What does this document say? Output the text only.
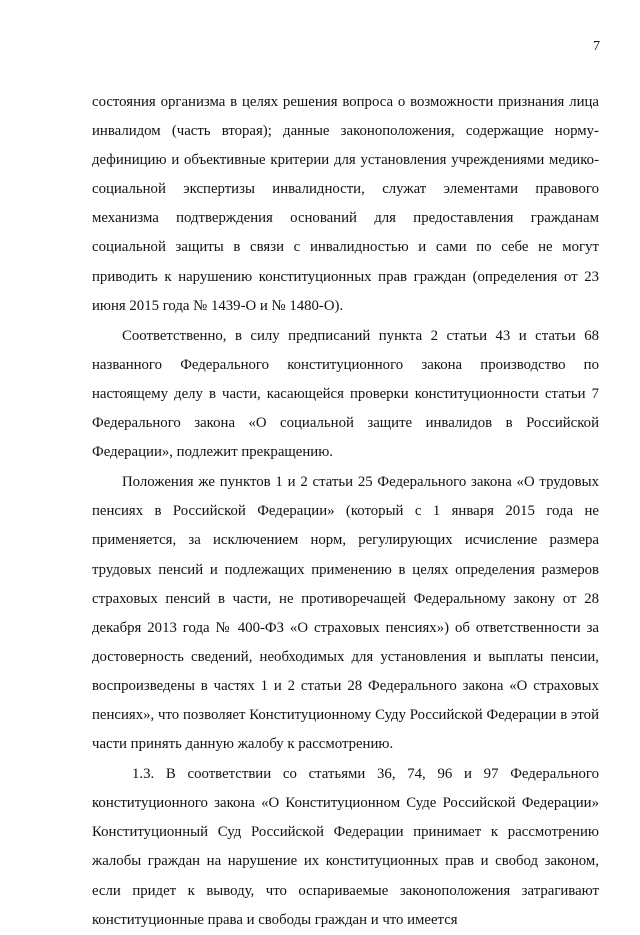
7

состояния организма в целях решения вопроса о возможности признания лица инвалидом (часть вторая); данные законоположения, содержащие норму-дефиницию и объективные критерии для установления учреждениями медико-социальной экспертизы инвалидности, служат элементами правового механизма подтверждения оснований для предоставления гражданам социальной защиты в связи с инвалидностью и сами по себе не могут приводить к нарушению конституционных прав граждан (определения от 23 июня 2015 года № 1439-О и № 1480-О).

Соответственно, в силу предписаний пункта 2 статьи 43 и статьи 68 названного Федерального конституционного закона производство по настоящему делу в части, касающейся проверки конституционности статьи 7 Федерального закона «О социальной защите инвалидов в Российской Федерации», подлежит прекращению.

Положения же пунктов 1 и 2 статьи 25 Федерального закона «О трудовых пенсиях в Российской Федерации» (который с 1 января 2015 года не применяется, за исключением норм, регулирующих исчисление размера трудовых пенсий и подлежащих применению в целях определения размеров страховых пенсий в части, не противоречащей Федеральному закону от 28 декабря 2013 года № 400-ФЗ «О страховых пенсиях») об ответственности за достоверность сведений, необходимых для установления и выплаты пенсии, воспроизведены в частях 1 и 2 статьи 28 Федерального закона «О страховых пенсиях», что позволяет Конституционному Суду Российской Федерации в этой части принять данную жалобу к рассмотрению.

1.3. В соответствии со статьями 36, 74, 96 и 97 Федерального конституционного закона «О Конституционном Суде Российской Федерации» Конституционный Суд Российской Федерации принимает к рассмотрению жалобы граждан на нарушение их конституционных прав и свобод законом, если придет к выводу, что оспариваемые законоположения затрагивают конституционные права и свободы граждан и что имеется
